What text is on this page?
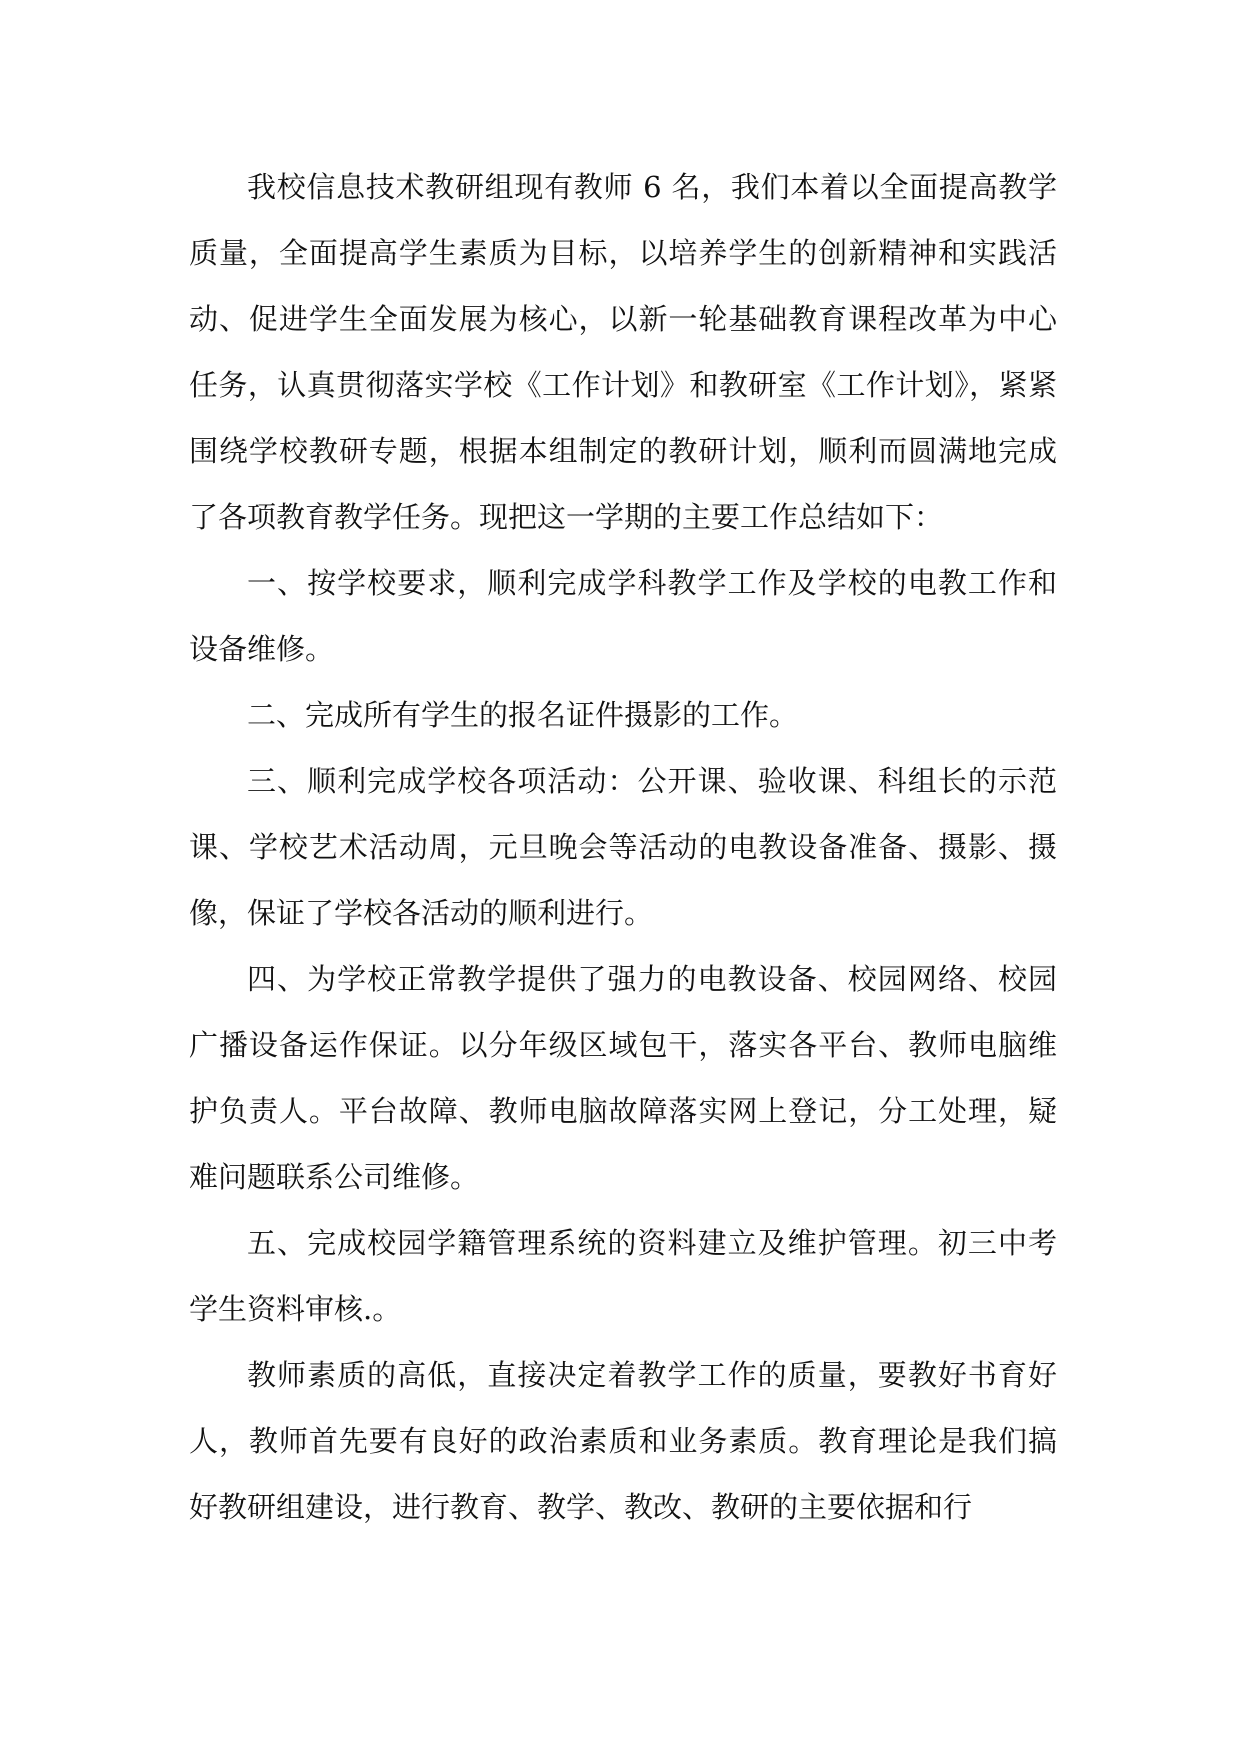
我校信息技术教研组现有教师 6 名，我们本着以全面提高教学质量，全面提高学生素质为目标，以培养学生的创新精神和实践活动、促进学生全面发展为核心，以新一轮基础教育课程改革为中心任务，认真贯彻落实学校《工作计划》和教研室《工作计划》，紧紧围绕学校教研专题，根据本组制定的教研计划，顺利而圆满地完成了各项教育教学任务。现把这一学期的主要工作总结如下：

一、按学校要求，顺利完成学科教学工作及学校的电教工作和设备维修。

二、完成所有学生的报名证件摄影的工作。

三、顺利完成学校各项活动：公开课、验收课、科组长的示范课、学校艺术活动周，元旦晚会等活动的电教设备准备、摄影、摄像，保证了学校各活动的顺利进行。

四、为学校正常教学提供了强力的电教设备、校园网络、校园广播设备运作保证。以分年级区域包干，落实各平台、教师电脑维护负责人。平台故障、教师电脑故障落实网上登记，分工处理，疑难问题联系公司维修。

五、完成校园学籍管理系统的资料建立及维护管理。初三中考学生资料审核.。

教师素质的高低，直接决定着教学工作的质量，要教好书育好人，教师首先要有良好的政治素质和业务素质。教育理论是我们搞好教研组建设，进行教育、教学、教改、教研的主要依据和行
